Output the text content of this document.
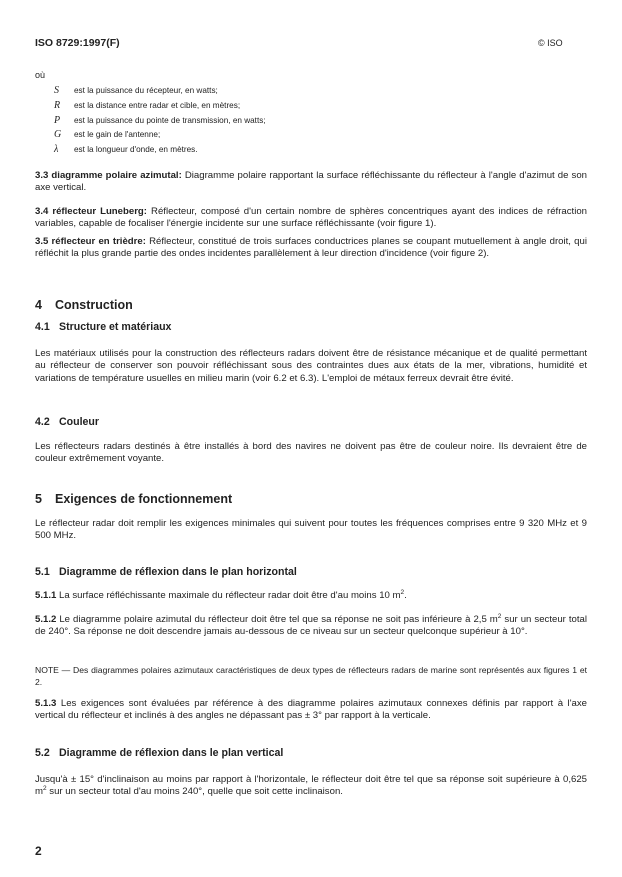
ISO 8729:1997(F)	© ISO
où
S est la puissance du récepteur, en watts;
R est la distance entre radar et cible, en mètres;
P est la puissance du pointe de transmission, en watts;
G est le gain de l'antenne;
λ est la longueur d'onde, en mètres.
3.3 diagramme polaire azimutal: Diagramme polaire rapportant la surface réfléchissante du réflecteur à l'angle d'azimut de son axe vertical.
3.4 réflecteur Luneberg: Réflecteur, composé d'un certain nombre de sphères concentriques ayant des indices de réfraction variables, capable de focaliser l'énergie incidente sur une surface réfléchissante (voir figure 1).
3.5 réflecteur en trièdre: Réflecteur, constitué de trois surfaces conductrices planes se coupant mutuellement à angle droit, qui réfléchit la plus grande partie des ondes incidentes parallèlement à leur direction d'incidence (voir figure 2).
4 Construction
4.1 Structure et matériaux
Les matériaux utilisés pour la construction des réflecteurs radars doivent être de résistance mécanique et de qualité permettant au réflecteur de conserver son pouvoir réfléchissant sous des contraintes dues aux états de la mer, vibrations, humidité et variations de température usuelles en milieu marin (voir 6.2 et 6.3). L'emploi de métaux ferreux devrait être évité.
4.2 Couleur
Les réflecteurs radars destinés à être installés à bord des navires ne doivent pas être de couleur noire. Ils devraient être de couleur extrêmement voyante.
5 Exigences de fonctionnement
Le réflecteur radar doit remplir les exigences minimales qui suivent pour toutes les fréquences comprises entre 9 320 MHz et 9 500 MHz.
5.1 Diagramme de réflexion dans le plan horizontal
5.1.1 La surface réfléchissante maximale du réflecteur radar doit être d'au moins 10 $m^2$.
5.1.2 Le diagramme polaire azimutal du réflecteur doit être tel que sa réponse ne soit pas inférieure à 2,5 $m^2$ sur un secteur total de 240°. Sa réponse ne doit descendre jamais au-dessous de ce niveau sur un secteur quelconque supérieur à 10°.
NOTE — Des diagrammes polaires azimutaux caractéristiques de deux types de réflecteurs radars de marine sont représentés aux figures 1 et 2.
5.1.3 Les exigences sont évaluées par référence à des diagramme polaires azimutaux connexes définis par rapport à l'axe vertical du réflecteur et inclinés à des angles ne dépassant pas ± 3° par rapport à la verticale.
5.2 Diagramme de réflexion dans le plan vertical
Jusqu'à ± 15° d'inclinaison au moins par rapport à l'horizontale, le réflecteur doit être tel que sa réponse soit supérieure à 0,625 $m^2$ sur un secteur total d'au moins 240°, quelle que soit cette inclinaison.
2
